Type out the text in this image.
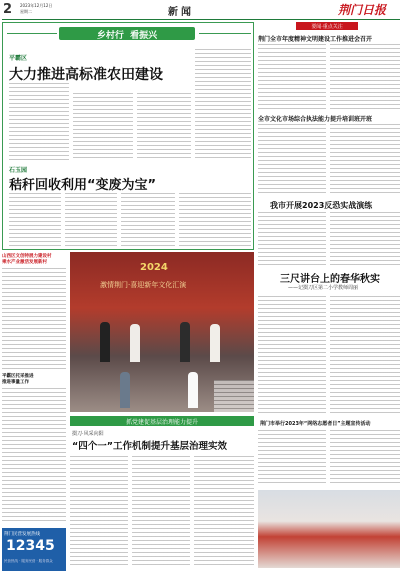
2 2023年12月12日
星期二	新闻	荆门日报
乡村行  看振兴
平霸区
大力推进高标准农田建设
石玉园
秸秆回收利用“变废为宝”
要闻·重点关注
荆门全市年度精神文明建设工作推进会召开
全市文化市场综合执法能力提升培训班开班
我市开展2023反恐实战演练
三尺讲台上的春华秋实
——记掇刀区第二小学教师周丽
荆门市举行2023年“网络志愿者日”主题宣传活动
山西区文创特展力建设村
乘水产业激活发展新村
平霸区托采推进
推进事量工作
荆门民营发展热线
12345
民营热线 · 服务民营 · 服务群众
2024
激情荆门·喜迎新年文化汇演
抓党建促基层治理能力提升
掇刀·风采向阳
“四个一”工作机制提升基层治理实效
